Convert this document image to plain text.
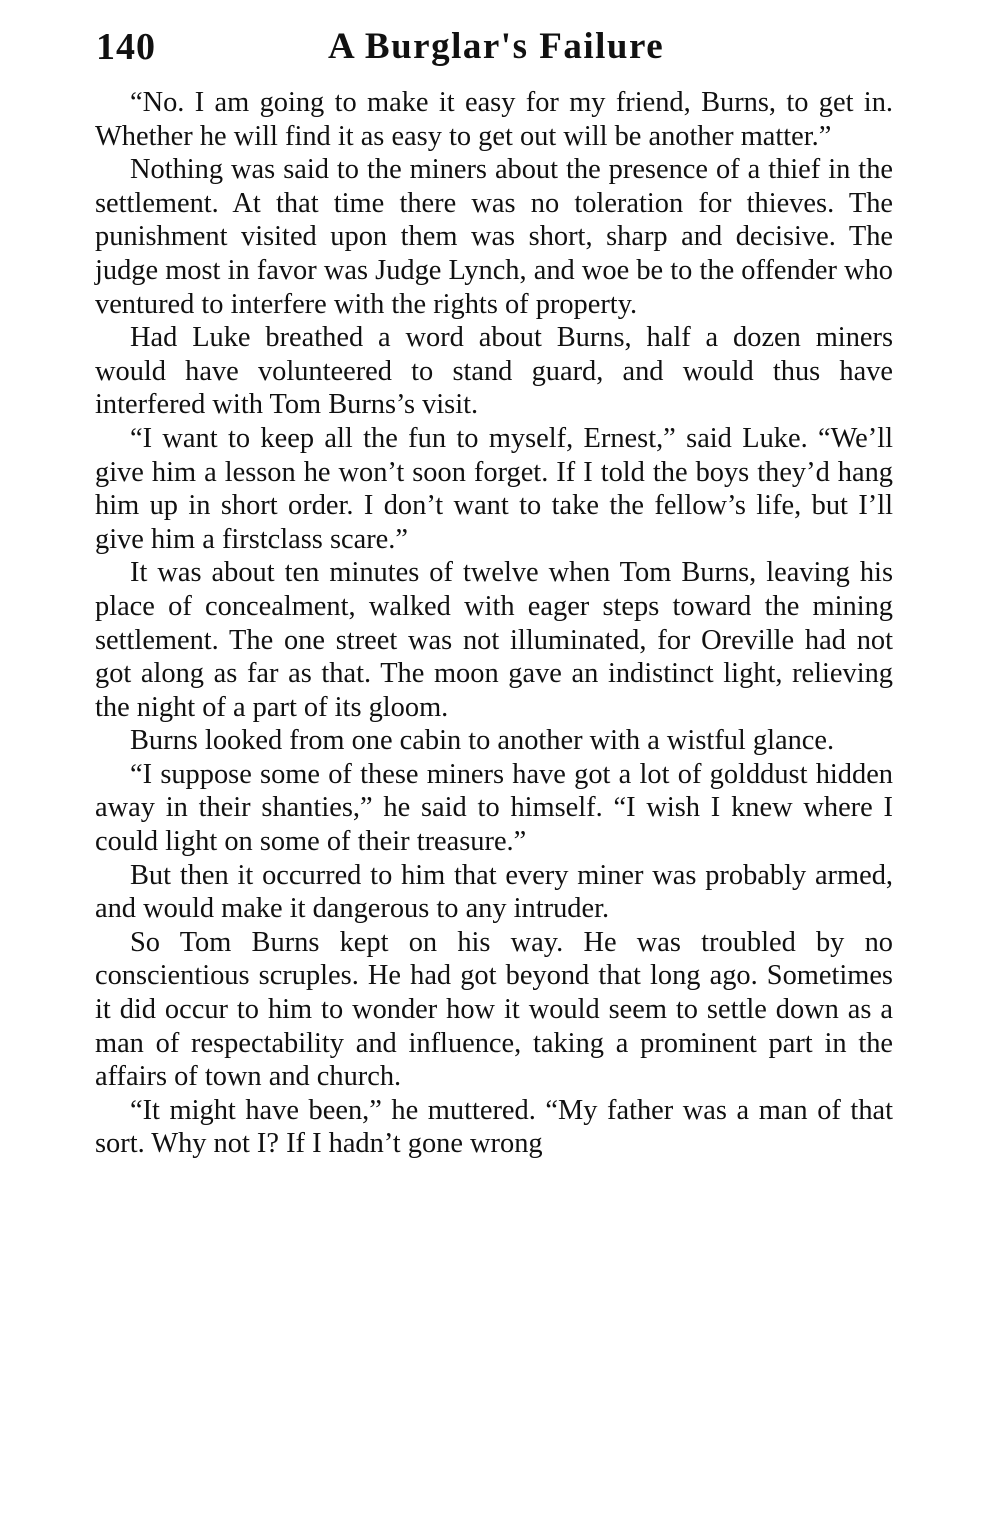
140	A Burglar's Failure

“No. I am going to make it easy for my friend, Burns, to get in. Whether he will find it as easy to get out will be another matter.”

Nothing was said to the miners about the presence of a thief in the settlement. At that time there was no toleration for thieves. The punishment visited upon them was short, sharp and decisive. The judge most in favor was Judge Lynch, and woe be to the offender who ventured to interfere with the rights of property.

Had Luke breathed a word about Burns, half a dozen miners would have volunteered to stand guard, and would thus have interfered with Tom Burns’s visit.

“I want to keep all the fun to myself, Ernest,” said Luke. “We’ll give him a lesson he won’t soon forget. If I told the boys they’d hang him up in short order. I don’t want to take the fellow’s life, but I’ll give him a firstclass scare.”

It was about ten minutes of twelve when Tom Burns, leaving his place of concealment, walked with eager steps toward the mining settlement. The one street was not illuminated, for Oreville had not got along as far as that. The moon gave an indistinct light, relieving the night of a part of its gloom.

Burns looked from one cabin to another with a wistful glance.

“I suppose some of these miners have got a lot of golddust hidden away in their shanties,” he said to himself. “I wish I knew where I could light on some of their treasure.”

But then it occurred to him that every miner was probably armed, and would make it dangerous to any intruder.

So Tom Burns kept on his way. He was troubled by no conscientious scruples. He had got beyond that long ago. Sometimes it did occur to him to wonder how it would seem to settle down as a man of respectability and influence, taking a prominent part in the affairs of town and church.

“It might have been,” he muttered. “My father was a man of that sort. Why not I? If I hadn’t gone wrong
